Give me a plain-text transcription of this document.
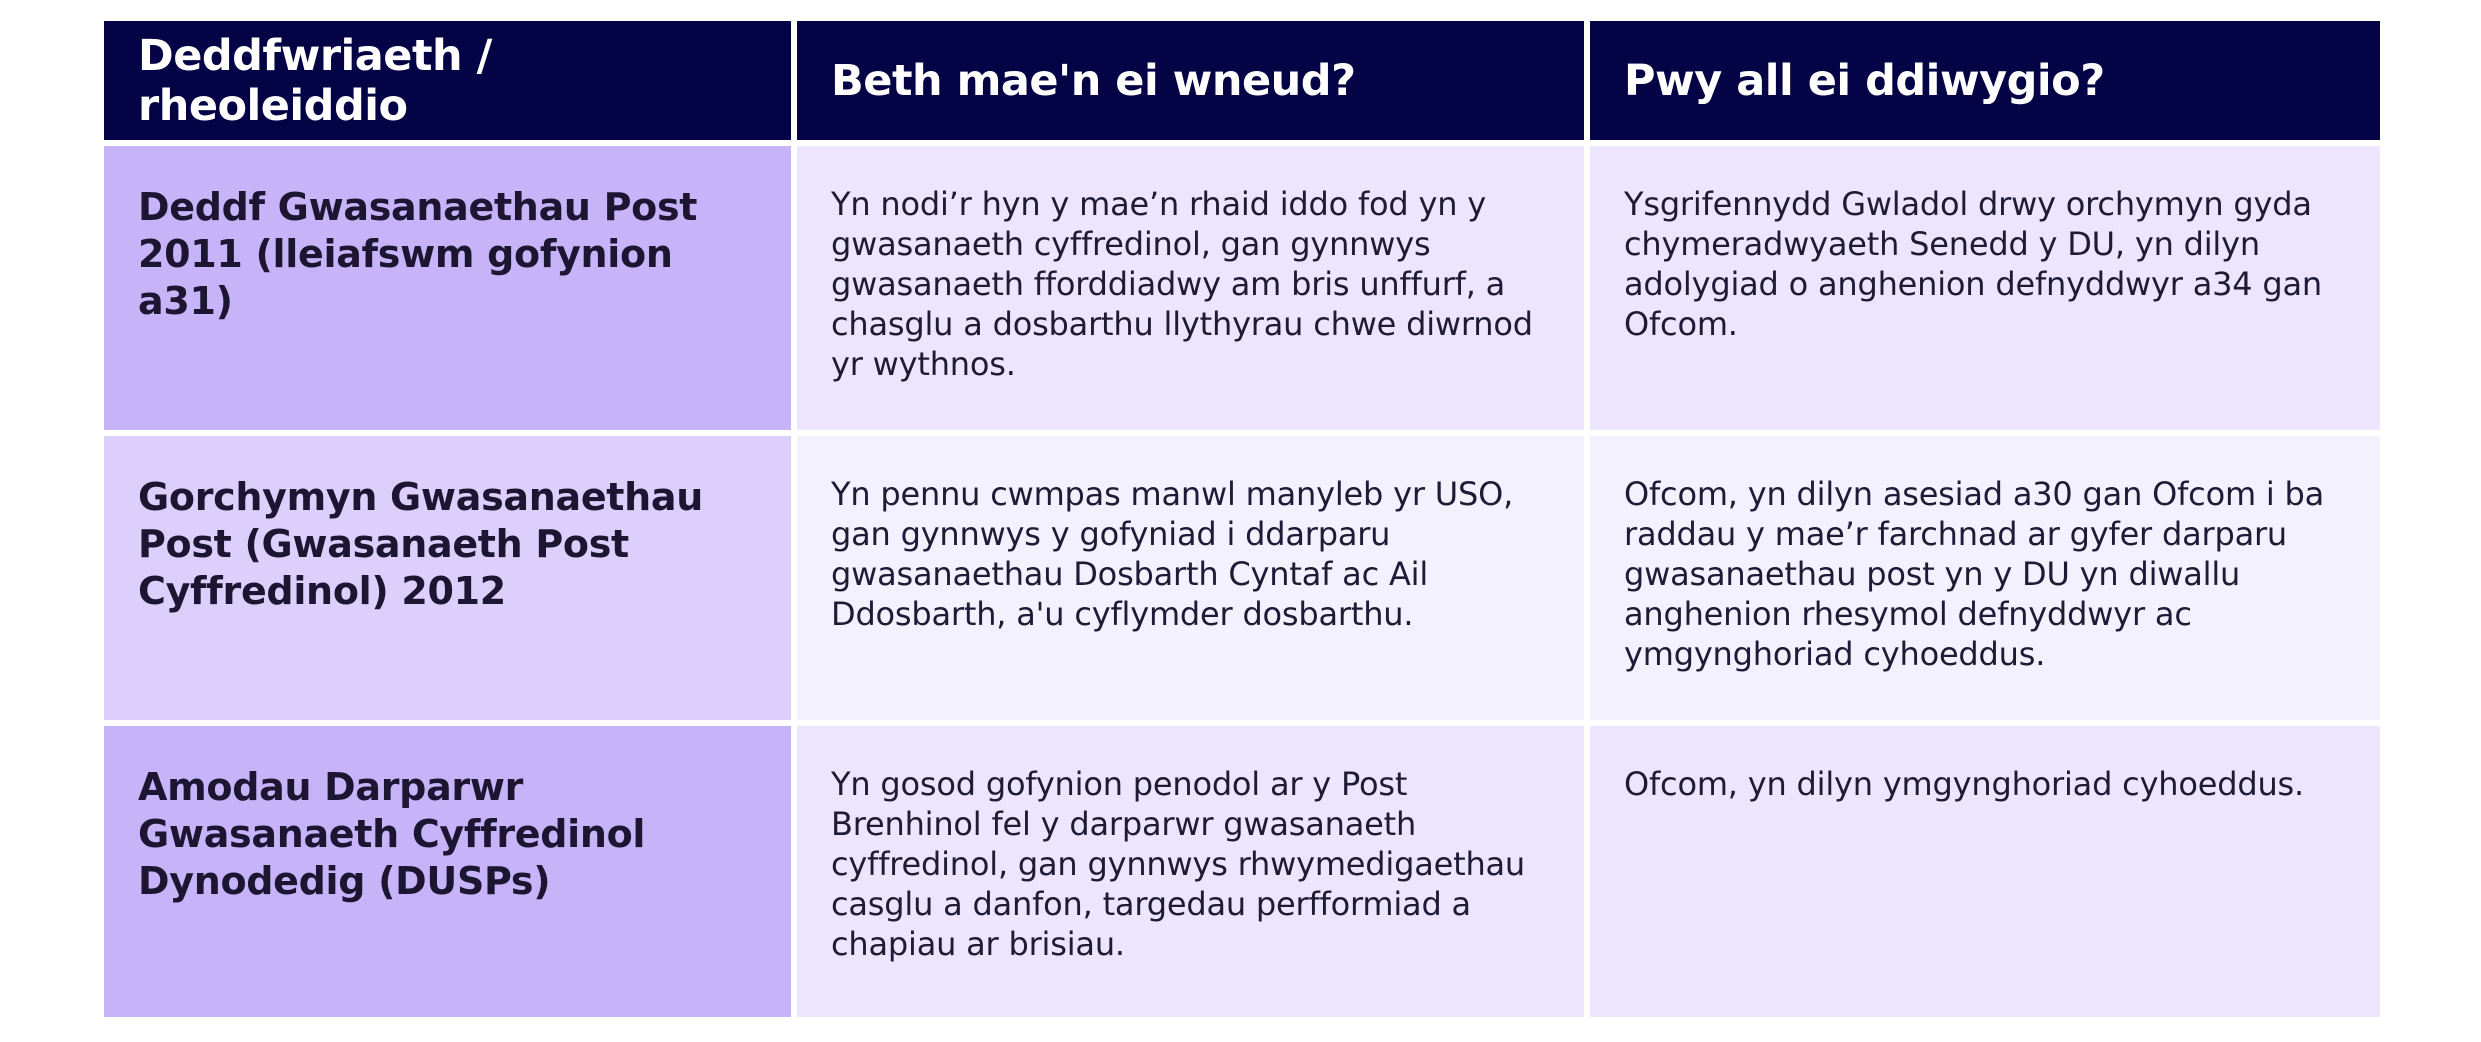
Deddfwriaeth / rheoleiddio	Beth mae'n ei wneud?	Pwy all ei ddiwygio?
Deddf Gwasanaethau Post 2011 (lleiafswm gofynion a31)
Yn nodi’r hyn y mae’n rhaid iddo fod yn y gwasanaeth cyffredinol, gan gynnwys gwasanaeth fforddiadwy am bris unffurf, a chasglu a dosbarthu llythyrau chwe diwrnod yr wythnos.
Ysgrifennydd Gwladol drwy orchymyn gyda chymeradwyaeth Senedd y DU, yn dilyn adolygiad o anghenion defnyddwyr a34 gan Ofcom.
Gorchymyn Gwasanaethau Post (Gwasanaeth Post Cyffredinol) 2012
Yn pennu cwmpas manwl manyleb yr USO, gan gynnwys y gofyniad i ddarparu gwasanaethau Dosbarth Cyntaf ac Ail Ddosbarth, a'u cyflymder dosbarthu.
Ofcom, yn dilyn asesiad a30 gan Ofcom i ba raddau y mae’r farchnad ar gyfer darparu gwasanaethau post yn y DU yn diwallu anghenion rhesymol defnyddwyr ac ymgynghoriad cyhoeddus.
Amodau Darparwr Gwasanaeth Cyffredinol Dynodedig (DUSPs)
Yn gosod gofynion penodol ar y Post Brenhinol fel y darparwr gwasanaeth cyffredinol, gan gynnwys rhwymedigaethau casglu a danfon, targedau perfformiad a chapiau ar brisiau.
Ofcom, yn dilyn ymgynghoriad cyhoeddus.
